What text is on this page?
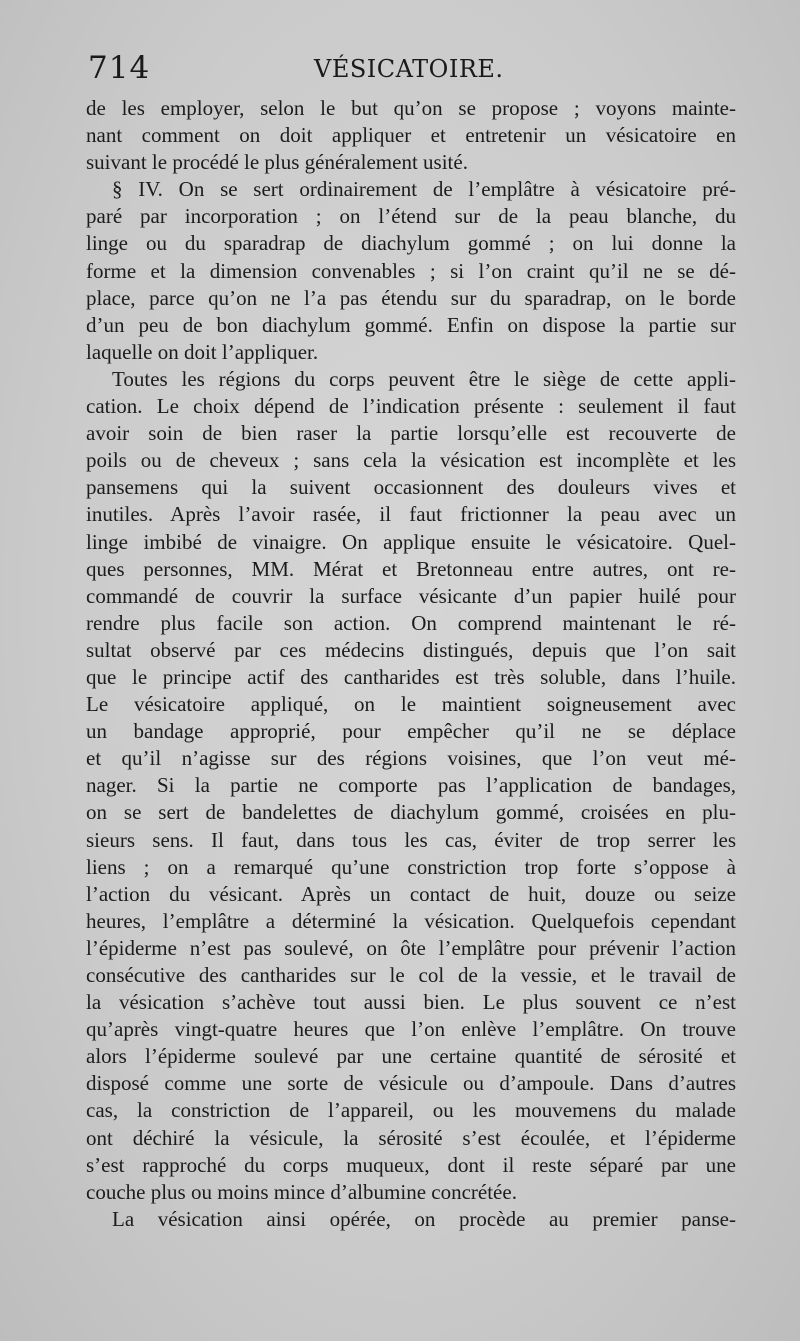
714	VÉSICATOIRE.
de les employer, selon le but qu’on se propose ; voyons mainte-
nant comment on doit appliquer et entretenir un vésicatoire en
suivant le procédé le plus généralement usité.
§ IV. On se sert ordinairement de l’emplâtre à vésicatoire pré-
paré par incorporation ; on l’étend sur de la peau blanche, du
linge ou du sparadrap de diachylum gommé ; on lui donne la
forme et la dimension convenables ; si l’on craint qu’il ne se dé-
place, parce qu’on ne l’a pas étendu sur du sparadrap, on le borde
d’un peu de bon diachylum gommé. Enfin on dispose la partie sur
laquelle on doit l’appliquer.
Toutes les régions du corps peuvent être le siège de cette appli-
cation. Le choix dépend de l’indication présente : seulement il faut
avoir soin de bien raser la partie lorsqu’elle est recouverte de
poils ou de cheveux ; sans cela la vésication est incomplète et les
pansemens qui la suivent occasionnent des douleurs vives et
inutiles. Après l’avoir rasée, il faut frictionner la peau avec un
linge imbibé de vinaigre. On applique ensuite le vésicatoire. Quel-
ques personnes, MM. Mérat et Bretonneau entre autres, ont re-
commandé de couvrir la surface vésicante d’un papier huilé pour
rendre plus facile son action. On comprend maintenant le ré-
sultat observé par ces médecins distingués, depuis que l’on sait
que le principe actif des cantharides est très soluble, dans l’huile.
Le vésicatoire appliqué, on le maintient soigneusement avec
un bandage approprié, pour empêcher qu’il ne se déplace
et qu’il n’agisse sur des régions voisines, que l’on veut mé-
nager. Si la partie ne comporte pas l’application de bandages,
on se sert de bandelettes de diachylum gommé, croisées en plu-
sieurs sens. Il faut, dans tous les cas, éviter de trop serrer les
liens ; on a remarqué qu’une constriction trop forte s’oppose à
l’action du vésicant. Après un contact de huit, douze ou seize
heures, l’emplâtre a déterminé la vésication. Quelquefois cependant
l’épiderme n’est pas soulevé, on ôte l’emplâtre pour prévenir l’action
consécutive des cantharides sur le col de la vessie, et le travail de
la vésication s’achève tout aussi bien. Le plus souvent ce n’est
qu’après vingt-quatre heures que l’on enlève l’emplâtre. On trouve
alors l’épiderme soulevé par une certaine quantité de sérosité et
disposé comme une sorte de vésicule ou d’ampoule. Dans d’autres
cas, la constriction de l’appareil, ou les mouvemens du malade
ont déchiré la vésicule, la sérosité s’est écoulée, et l’épiderme
s’est rapproché du corps muqueux, dont il reste séparé par une
couche plus ou moins mince d’albumine concrétée.
La vésication ainsi opérée, on procède au premier panse-
